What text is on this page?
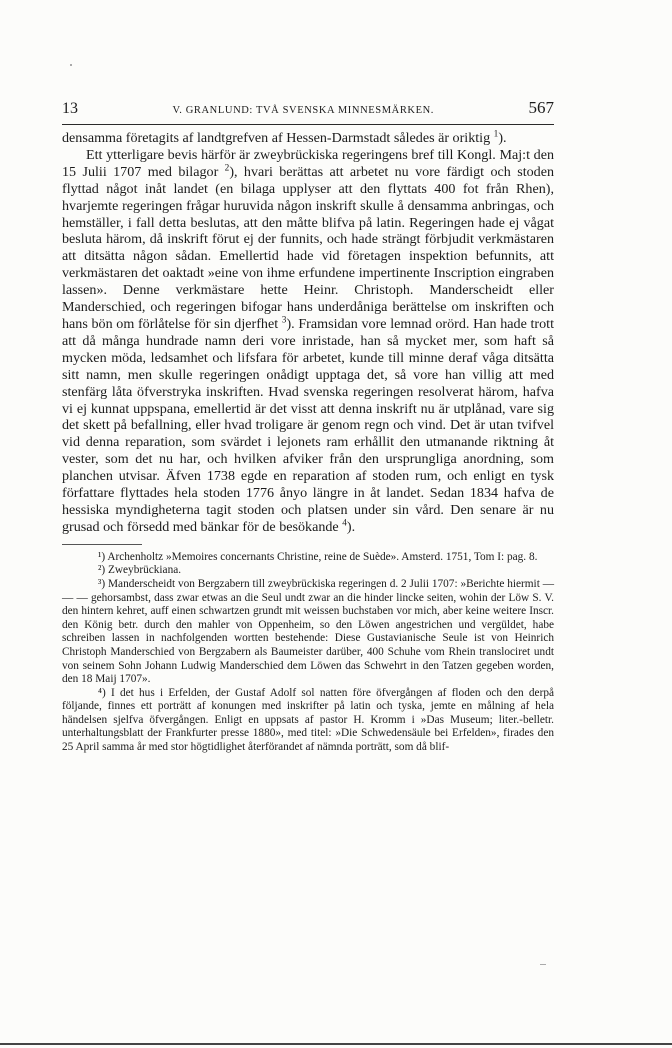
13	V. GRANLUND: TVÅ SVENSKA MINNESMÄRKEN.	567

densamma företagits af landtgrefven af Hessen-Darmstadt således är oriktig $^1$).

Ett ytterligare bevis härför är zweybrückiska regeringens bref till Kongl. Maj:t den 15 Julii 1707 med bilagor $^2$), hvari berättas att arbetet nu vore färdigt och stoden flyttad något inåt landet (en bilaga upplyser att den flyttats 400 fot från Rhen), hvarjemte regeringen frågar huruvida någon inskrift skulle å densamma anbringas, och hemställer, i fall detta beslutas, att den måtte blifva på latin. Regeringen hade ej vågat besluta härom, då inskrift förut ej der funnits, och hade strängt förbjudit verkmästaren att ditsätta någon sådan. Emellertid hade vid företagen inspektion befunnits, att verkmästaren det oaktadt »eine von ihme erfundene impertinente Inscription eingraben lassen». Denne verkmästare hette Heinr. Christoph. Manderscheidt eller Manderschied, och regeringen bifogar hans underdåniga berättelse om inskriften och hans bön om förlåtelse för sin djerfhet $^3$). Framsidan vore lemnad orörd. Han hade trott att då många hundrade namn deri vore inristade, han så mycket mer, som haft så mycken möda, ledsamhet och lifsfara för arbetet, kunde till minne deraf våga ditsätta sitt namn, men skulle regeringen onådigt upptaga det, så vore han villig att med stenfärg låta öfverstryka inskriften. Hvad svenska regeringen resolverat härom, hafva vi ej kunnat uppspana, emellertid är det visst att denna inskrift nu är utplånad, vare sig det skett på befallning, eller hvad troligare är genom regn och vind. Det är utan tvifvel vid denna reparation, som svärdet i lejonets ram erhållit den utmanande riktning åt vester, som det nu har, och hvilken afviker från den ursprungliga anordning, som planchen utvisar. Äfven 1738 egde en reparation af stoden rum, och enligt en tysk författare flyttades hela stoden 1776 ånyo längre in åt landet. Sedan 1834 hafva de hessiska myndigheterna tagit stoden och platsen under sin vård. Den senare är nu grusad och försedd med bänkar för de besökande $^4$).

¹) Archenholtz »Memoires concernants Christine, reine de Suède». Amsterd. 1751, Tom I: pag. 8.

²) Zweybrückiana.

³) Manderscheidt von Bergzabern till zweybrückiska regeringen d. 2 Julii 1707: »Berichte hiermit — — — gehorsambst, dass zwar etwas an die Seul undt zwar an die hinder lincke seiten, wohin der Löw S. V. den hintern kehret, auff einen schwartzen grundt mit weissen buchstaben vor mich, aber keine weitere Inscr. den König betr. durch den mahler von Oppenheim, so den Löwen angestrichen und vergüldet, habe schreiben lassen in nachfolgenden wortten bestehende: Diese Gustavianische Seule ist von Heinrich Christoph Manderschied von Bergzabern als Baumeister darüber, 400 Schuhe vom Rhein translociret undt von seinem Sohn Johann Ludwig Manderschied dem Löwen das Schwehrt in den Tatzen gegeben worden, den 18 Maij 1707».

⁴) I det hus i Erfelden, der Gustaf Adolf sol natten före öfvergången af floden och den derpå följande, finnes ett porträtt af konungen med inskrifter på latin och tyska, jemte en målning af hela händelsen sjelfva öfvergången. Enligt en uppsats af pastor H. Kromm i »Das Museum; liter.-belletr. unterhaltungsblatt der Frankfurter presse 1880», med titel: »Die Schwedensäule bei Erfelden», firades den 25 April samma år med stor högtidlighet återförandet af nämnda porträtt, som då blif-
